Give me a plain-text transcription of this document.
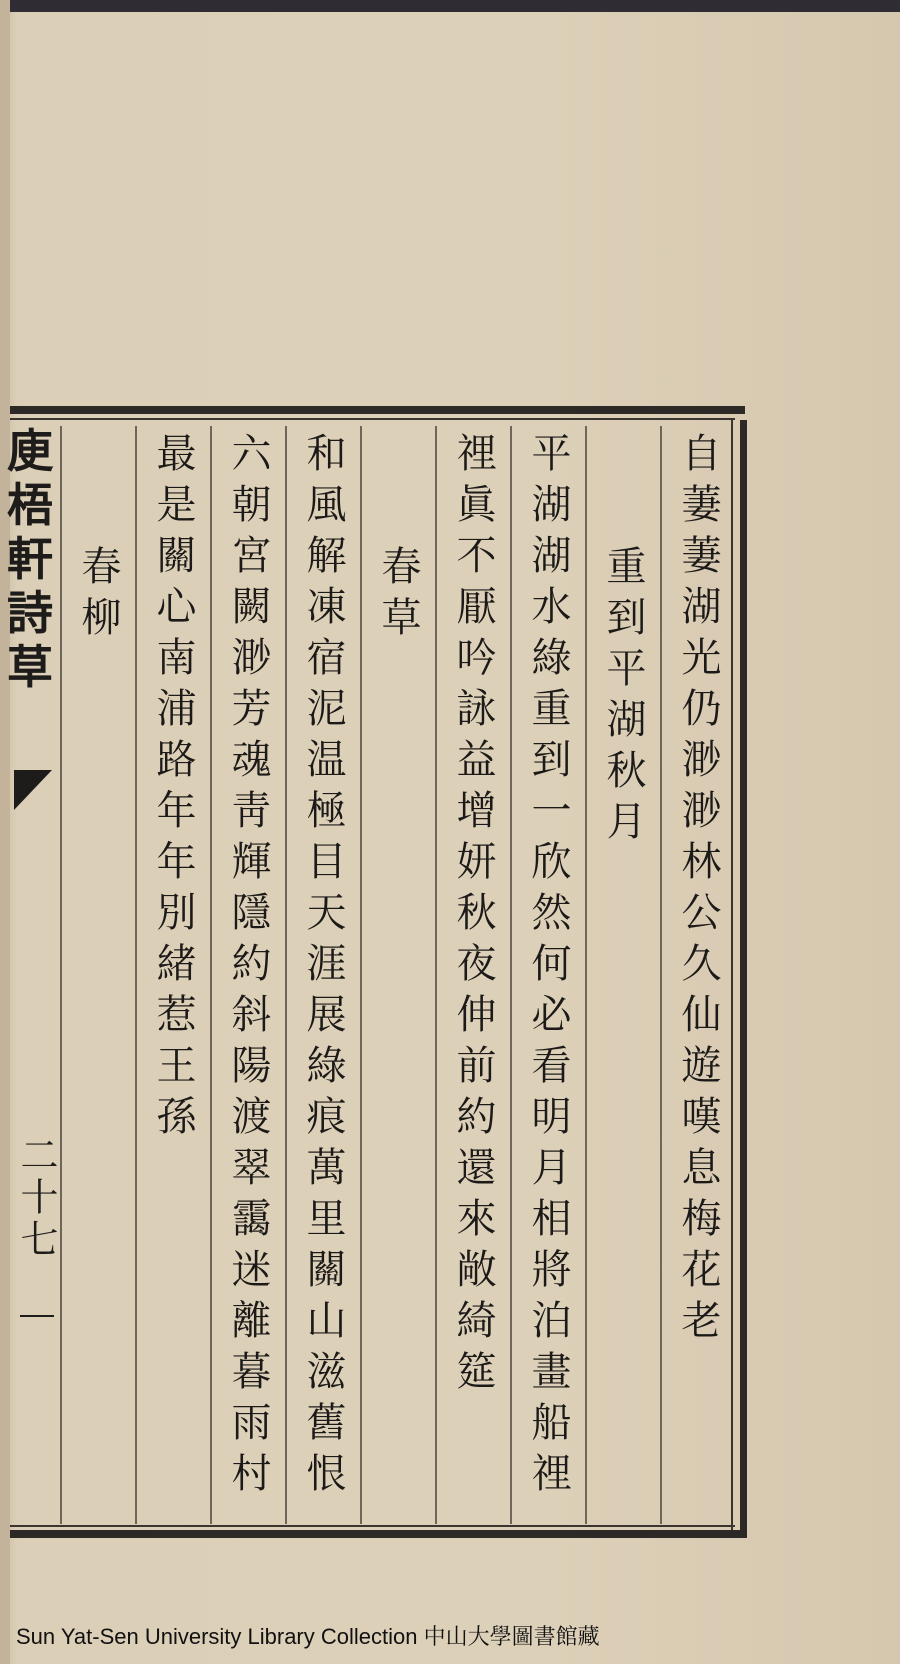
自萋萋湖光仍渺渺林公久仙遊嘆息梅花老
重到平湖秋月
平湖湖水綠重到一欣然何必看明月相將泊畫船𥚃
𥚃眞不厭吟詠益增妍秋夜伸前約還來敞綺筵
春草
和風解凍宿泥温極目天涯展綠痕萬里關山滋舊恨
六朝宮闕渺芳魂靑輝隱約斜陽渡翠靄迷離暮雨村
最是關心南浦路年年別緒惹王孫
春柳
𢈔梧軒詩草
二十七
Sun Yat-Sen University Library Collection 中山大學圖書館藏
